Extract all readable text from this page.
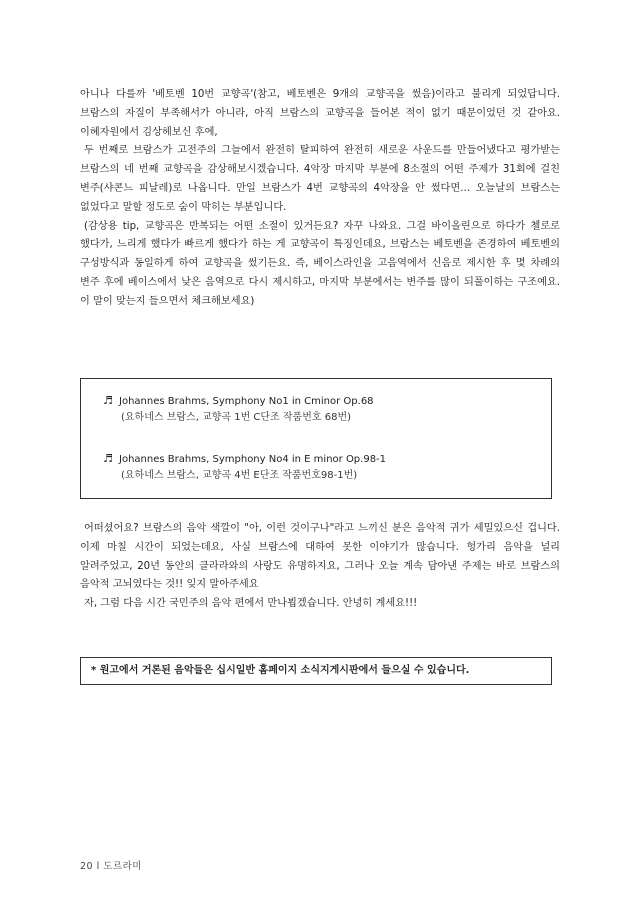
아니나 다를까 '베토벤 10번 교향곡'(참고, 베토벤은 9개의 교향곡을 썼음)이라고 불리게 되었답니다. 브람스의 자질이 부족해서가 아니라, 아직 브람스의 교향곡을 들어본 적이 없기 때문이었던 것 같아요. 이혜자원에서 김상헤보신 후에,

두 번째로 브람스가 고전주의 그늘에서 완전히 탈피하여 완전히 새로운 사운드를 만들어냈다고 평가받는 브람스의 네 번째 교향곡을 감상해보시겠습니다. 4악장 마지막 부분에 8소절의 어떤 주제가 31회에 걸친 변주(샤콘느 피날레)로 나옵니다. 만일 브람스가 4번 교향곡의 4악장을 안 썼다면... 오늘날의 브람스는 없었다고 말할 정도로 숨이 막히는 부분입니다.

(감상용 tip, 교향곡은 반복되는 어떤 소절이 있거든요? 자꾸 나와요. 그걸 바이올린으로 하다가 첼로로 했다가, 느리게 했다가 빠르게 했다가 하는 게 교향곡이 특징인데요, 브람스는 베토벤을 존경하여 베토벤의 구성방식과 동일하게 하여 교향곡을 썼기든요. 즉, 베이스라인을 고음역에서 신음로 제시한 후 몇 차례의 변주 후에 베이스에서 낮은 음역으로 다시 제시하고, 마지막 부분에서는 변주를 많이 되풀이하는 구조예요. 이 말이 맞는지 들으면서 체크해보세요)

♬ Johannes Brahms, Symphony No1 in Cminor Op.68
(요하네스 브람스, 교향곡 1번 C단조 작품번호 68번)
♬ Johannes Brahms, Symphony No4 in E minor Op.98-1
(요하네스 브람스, 교향곡 4번 E단조 작품번호98-1번)

어떠셨어요? 브람스의 음악 색깔이 "아, 이런 것이구나"라고 느끼신 분은 음악적 귀가 세밀있으신 겁니다. 이제 마칠 시간이 되었는데요, 사실 브람스에 대하여 못한 이야기가 많습니다. 헝가리 음악을 널리 알려주었고, 20년 동안의 클라라와의 사랑도 유명하지요, 그러나 오늘 계속 담아낸 주제는 바로 브람스의 음악적 고뇌였다는 것!! 잊지 말아주세요

자, 그럼 다음 시간 국민주의 음악 편에서 만나뵙겠습니다. 안녕히 계세요!!!

* 원고에서 거론된 음악들은 십시일반 홈페이지 소식지게시판에서 들으실 수 있습니다.
20 l 도르라미
